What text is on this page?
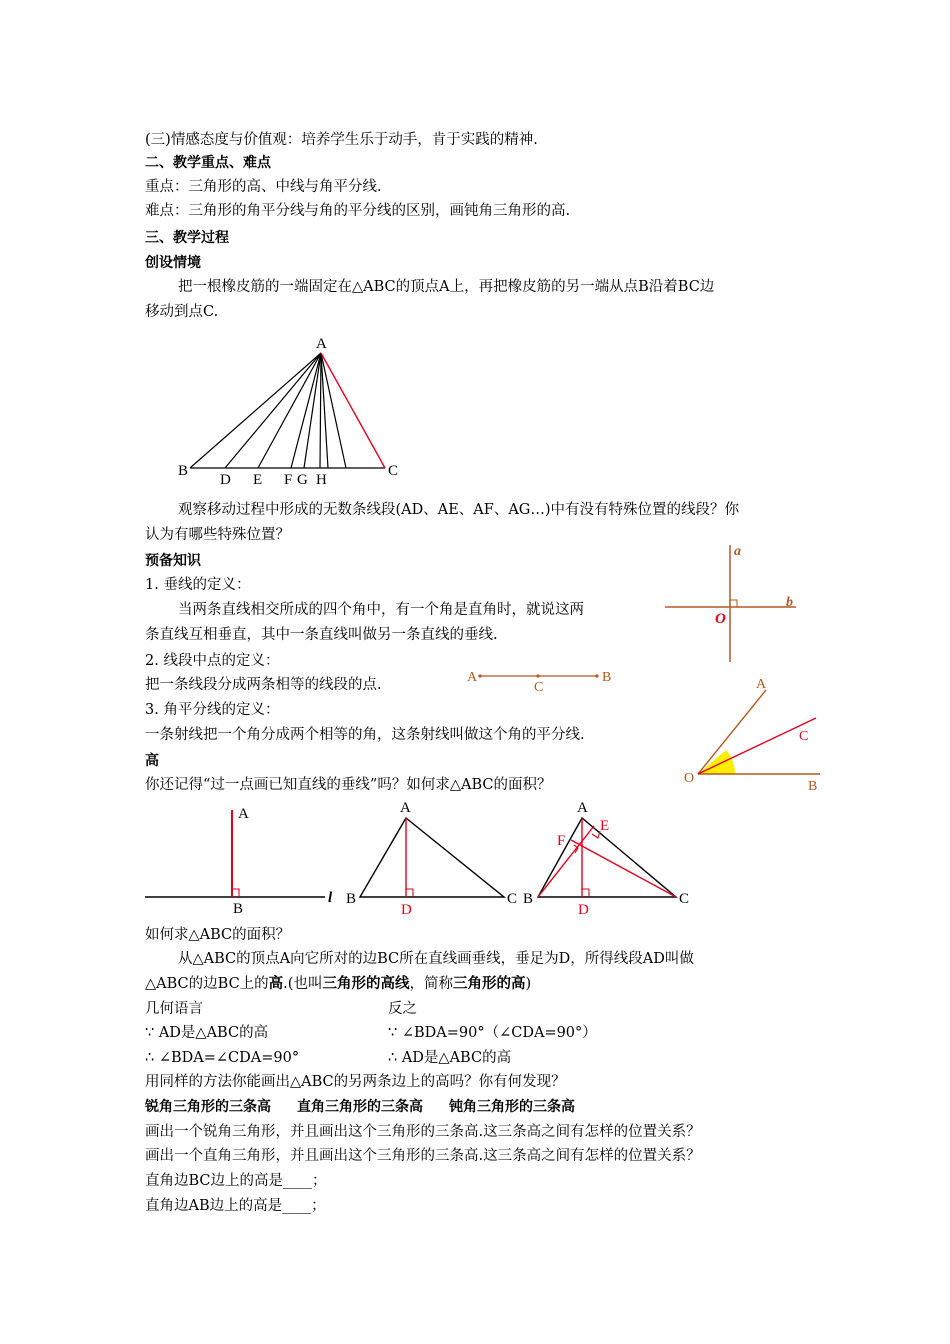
(三)情感态度与价值观：培养学生乐于动手，肯于实践的精神.
二、教学重点、难点
重点：三角形的高、中线与角平分线.
难点：三角形的角平分线与角的平分线的区别，画钝角三角形的高.
三、教学过程
创设情境
把一根橡皮筋的一端固定在△ABC的顶点A上，再把橡皮筋的另一端从点B沿着BC边
移动到点C.
A
B	C
D E F G H
观察移动过程中形成的无数条线段(AD、AE、AF、AG…)中有没有特殊位置的线段？你
认为有哪些特殊位置？
预备知识
1. 垂线的定义：
当两条直线相交所成的四个角中，有一个角是直角时，就说这两
条直线互相垂直，其中一条直线叫做另一条直线的垂线.
2. 线段中点的定义：
把一条线段分成两条相等的线段的点.
3. 角平分线的定义：
一条射线把一个角分成两个相等的角，这条射线叫做这个角的平分线.
高
你还记得“过一点画已知直线的垂线”吗？如何求△ABC的面积？
a
b
O
A
C
B	A
C
O
B
A
B
l
A
B	C
D
A
B	C
D
E
F
如何求△ABC的面积？
从△ABC的顶点A向它所对的边BC所在直线画垂线，垂足为D，所得线段AD叫做
△ABC的边BC上的高.(也叫三角形的高线，简称三角形的高)
几何语言	反之
∵ AD是△ABC的高	∵ ∠BDA=90°（∠CDA=90°）
∴ ∠BDA=∠CDA=90°	∴ AD是△ABC的高
用同样的方法你能画出△ABC的另两条边上的高吗？你有何发现？
锐角三角形的三条高 直角三角形的三条高 钝角三角形的三条高
画出一个锐角三角形，并且画出这个三角形的三条高.这三条高之间有怎样的位置关系？
画出一个直角三角形，并且画出这个三角形的三条高.这三条高之间有怎样的位置关系？
直角边BC边上的高是____；
直角边AB边上的高是____；
